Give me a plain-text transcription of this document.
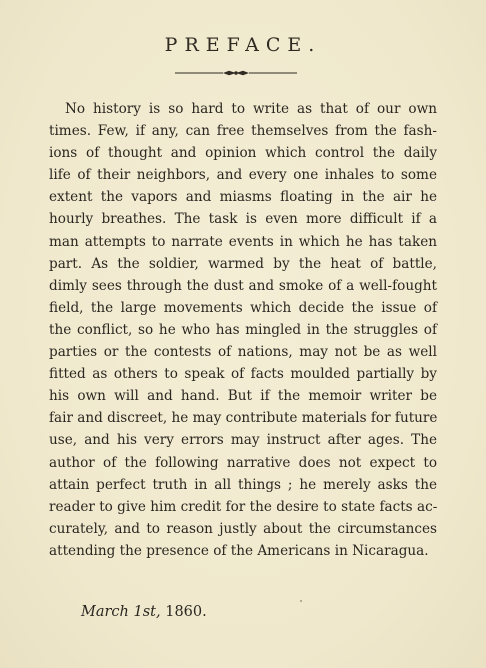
PREFACE.
No history is so hard to write as that of our own
times. Few, if any, can free themselves from the fash-
ions of thought and opinion which control the daily
life of their neighbors, and every one inhales to some
extent the vapors and miasms floating in the air he
hourly breathes. The task is even more difficult if a
man attempts to narrate events in which he has taken
part. As the soldier, warmed by the heat of battle,
dimly sees through the dust and smoke of a well-fought
field, the large movements which decide the issue of
the conflict, so he who has mingled in the struggles of
parties or the contests of nations, may not be as well
fitted as others to speak of facts moulded partially by
his own will and hand. But if the memoir writer be
fair and discreet, he may contribute materials for future
use, and his very errors may instruct after ages. The
author of the following narrative does not expect to
attain perfect truth in all things ; he merely asks the
reader to give him credit for the desire to state facts ac-
curately, and to reason justly about the circumstances
attending the presence of the Americans in Nicaragua.
March 1st, 1860.
